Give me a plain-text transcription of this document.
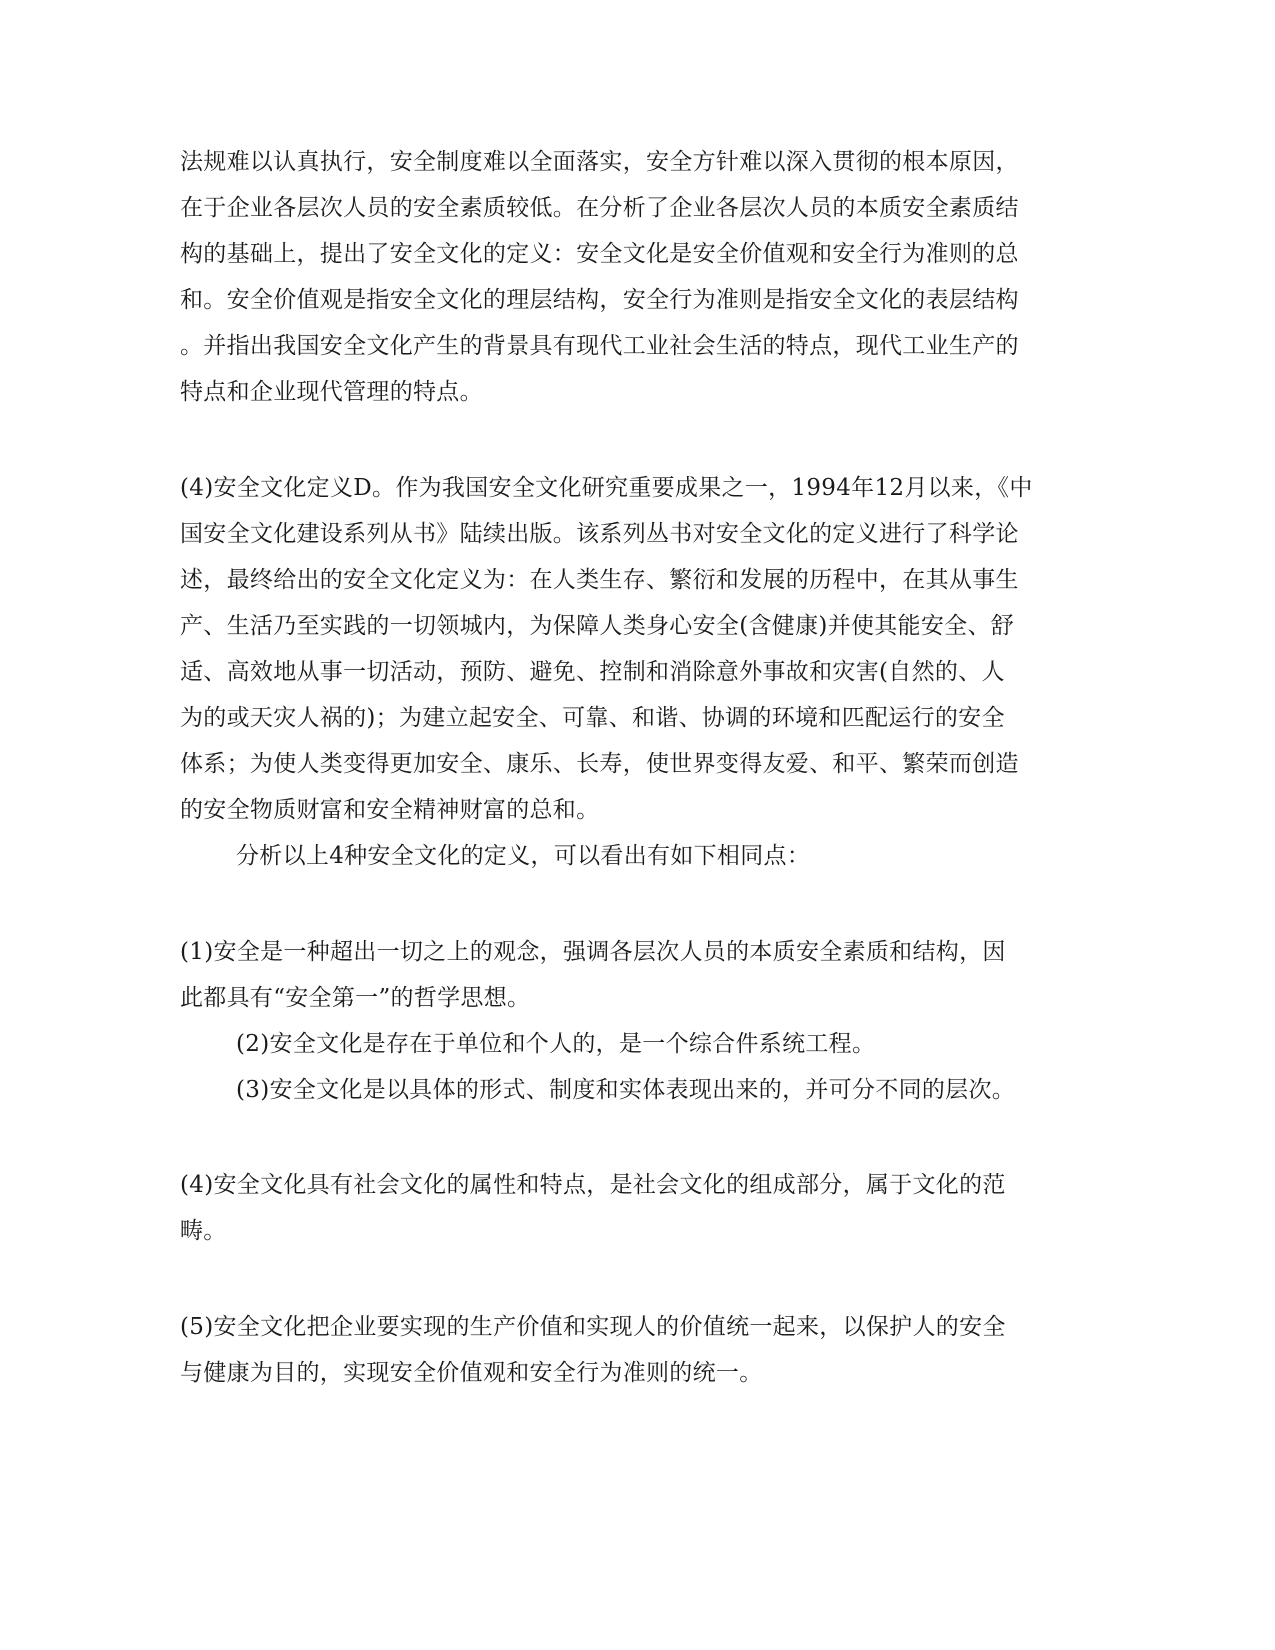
法规难以认真执行，安全制度难以全面落实，安全方针难以深入贯彻的根本原因，
在于企业各层次人员的安全素质较低。在分析了企业各层次人员的本质安全素质结
构的基础上，提出了安全文化的定义：安全文化是安全价值观和安全行为准则的总
和。安全价值观是指安全文化的理层结构，安全行为准则是指安全文化的表层结构
。并指出我国安全文化产生的背景具有现代工业社会生活的特点，现代工业生产的
特点和企业现代管理的特点。
(4)安全文化定义D。作为我国安全文化研究重要成果之一，1994年12月以来，《中
国安全文化建设系列从书》陆续出版。该系列丛书对安全文化的定义进行了科学论
述，最终给出的安全文化定义为：在人类生存、繁衍和发展的历程中，在其从事生
产、生活乃至实践的一切领城内，为保障人类身心安全(含健康)并使其能安全、舒
适、高效地从事一切活动，预防、避免、控制和消除意外事故和灾害(自然的、人
为的或天灾人祸的)；为建立起安全、可靠、和谐、协调的环境和匹配运行的安全
体系；为使人类变得更加安全、康乐、长寿，使世界变得友爱、和平、繁荣而创造
的安全物质财富和安全精神财富的总和。
分析以上4种安全文化的定义，可以看出有如下相同点：
(1)安全是一种超出一切之上的观念，强调各层次人员的本质安全素质和结构，因
此都具有“安全第一”的哲学思想。
(2)安全文化是存在于单位和个人的，是一个综合件系统工程。
(3)安全文化是以具体的形式、制度和实体表现出来的，并可分不同的层次。
(4)安全文化具有社会文化的属性和特点，是社会文化的组成部分，属于文化的范
畴。
(5)安全文化把企业要实现的生产价值和实现人的价值统一起来，以保护人的安全
与健康为目的，实现安全价值观和安全行为准则的统一。
